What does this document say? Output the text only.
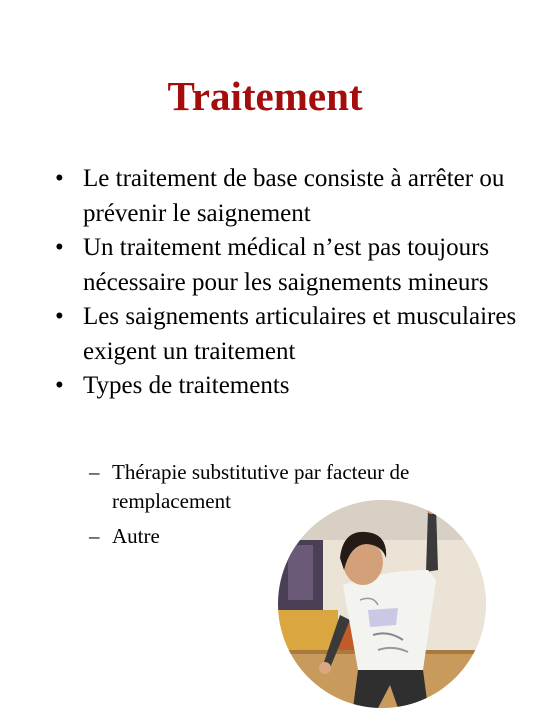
Traitement
• Le traitement de base consiste à arrêter ou prévenir le saignement
• Un traitement médical n’est pas toujours nécessaire pour les saignements mineurs
• Les saignements articulaires et musculaires exigent un traitement
• Types de traitements
– Thérapie substitutive par facteur de remplacement
– Autre
